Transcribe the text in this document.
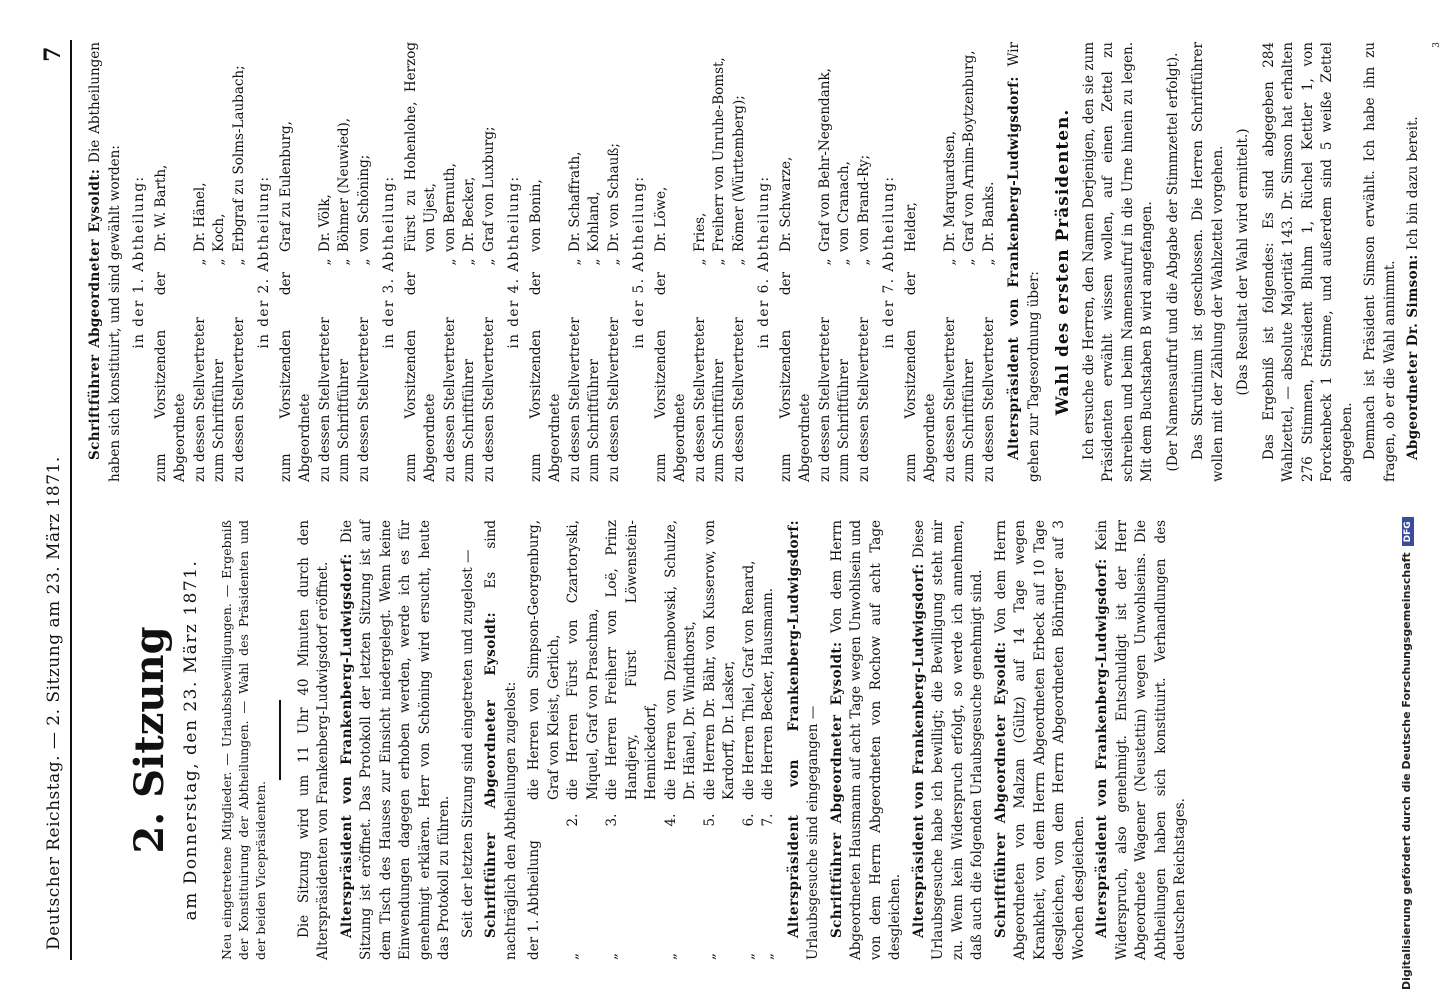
Deutscher Reichstag. — 2. Sitzung am 23. März 1871.
7
2. Sitzung am Donnerstag, den 23. März 1871. Neu eingetretene Mitglieder. — Urlaubsbewilligungen. — Ergebniß der Konstituirung der Abtheilungen. — Wahl des Präsidenten und der beiden Vicepräsidenten. Die Sitzung wird um 11 Uhr 40 Minuten durch den Alterspräsidenten von Frankenberg-Ludwigsdorf eröffnet. Alterspräsident von Frankenberg-Ludwigsdorf: Die Sitzung ist eröffnet. Das Protokoll der letzten Sitzung ist auf dem Tisch des Hauses zur Einsicht niedergelegt. Wenn keine Einwendungen dagegen erhoben werden, werde ich es für genehmigt erklären. Herr von Schöning wird ersucht, heute das Protokoll zu führen. Seit der letzten Sitzung sind eingetreten und zugelost — Schriftführer Abgeordneter Eysoldt: Es sind nachträglich den Abtheilungen zugelost: der 1. Abtheilung		die Herren von Simpson-Georgenburg, Graf von Kleist, Gerlich,
„	2.	die Herren Fürst von Czartoryski, Miquel, Graf von Praschma,
„	3.	die Herren Freiherr von Loë, Prinz Handjery, Fürst Löwenstein-Hennickedorf,
„	4.	die Herren von Dziembowski, Schulze, Dr. Hänel, Dr. Windthorst,
„	5.	die Herren Dr. Bähr, von Kusserow, von Kardorff, Dr. Lasker,
„	6.	die Herren Thiel, Graf von Renard,
„	7.	die Herren Becker, Hausmann. Alterspräsident von Frankenberg-Ludwigsdorf: Urlaubsgesuche sind eingegangen — Schriftführer Abgeordneter Eysoldt: Von dem Herrn Abgeordneten Hausmann auf acht Tage wegen Unwohlsein und von dem Herrn Abgeordneten von Rochow auf acht Tage desgleichen. Alterspräsident von Frankenberg-Ludwigsdorf: Diese Urlaubsgesuche habe ich bewilligt; die Bewilligung steht mir zu. Wenn kein Widerspruch erfolgt, so werde ich annehmen, daß auch die folgenden Urlaubsgesuche genehmigt sind. Schriftführer Abgeordneter Eysoldt: Von dem Herrn Abgeordneten von Malzan (Gültz) auf 14 Tage wegen Krankheit, von dem Herrn Abgeordneten Erbeck auf 10 Tage desgleichen, von dem Herrn Abgeordneten Böhringer auf 3 Wochen desgleichen. Alterspräsident von Frankenberg-Ludwigsdorf: Kein Widerspruch, also genehmigt. Entschuldigt ist der Herr Abgeordnete Wagener (Neustettin) wegen Unwohlseins. Die Abtheilungen haben sich konstituirt. Verhandlungen des deutschen Reichstages.

Schriftführer Abgeordneter Eysoldt: Die Abtheilungen haben sich konstituirt, und sind gewählt worden: in der 1. Abtheilung:
zum Vorsitzenden der Abgeordnete		Dr. W. Barth,
zu dessen Stellvertreter	„	Dr. Hänel,
zum Schriftführer	„	Koch,
zu dessen Stellvertreter	„	Erbgraf zu Solms-Laubach;
in der 2. Abtheilung:
zum Vorsitzenden der Abgeordnete		Graf zu Eulenburg,
zu dessen Stellvertreter	„	Dr. Völk,
zum Schriftführer	„	Böhmer (Neuwied),
zu dessen Stellvertreter	„	von Schöning; in der 3. Abtheilung:
zum Vorsitzenden der Abgeordnete		Fürst zu Hohenlohe, Herzog von Ujest,
zu dessen Stellvertreter	„	von Bernuth,
zum Schriftführer	„	Dr. Becker,
zu dessen Stellvertreter	„	Graf von Luxburg; in der 4. Abtheilung:
zum Vorsitzenden der Abgeordnete		von Bonin,
zu dessen Stellvertreter	„	Dr. Schaffrath,
zum Schriftführer	„	Kohland,
zu dessen Stellvertreter	„	Dr. von Schauß; in der 5. Abtheilung:
zum Vorsitzenden der Abgeordnete		Dr. Löwe,
zu dessen Stellvertreter	„	Fries,
zum Schriftführer	„	Freiherr von Unruhe-Bomst,
zu dessen Stellvertreter	„	Römer (Württemberg);
in der 6. Abtheilung:
zum Vorsitzenden der Abgeordnete		Dr. Schwarze,
zu dessen Stellvertreter	„	Graf von Behr-Negendank,
zum Schriftführer	„	von Cranach,
zu dessen Stellvertreter	„	von Brand-Ry; in der 7. Abtheilung:
zum Vorsitzenden der Abgeordnete		Helder,
zu dessen Stellvertreter	„	Dr. Marquardsen,
zum Schriftführer	„	Graf von Arnim-Boytzenburg,
zu dessen Stellvertreter	„	Dr. Banks. Alterspräsident von Frankenberg-Ludwigsdorf: Wir gehen zur Tagesordnung über: Wahl des ersten Präsidenten. Ich ersuche die Herren, den Namen Derjenigen, den sie zum Präsidenten erwählt wissen wollen, auf einen Zettel zu schreiben und beim Namensaufruf in die Urne hinein zu legen. Mit dem Buchstaben B wird angefangen. (Der Namensaufruf und die Abgabe der Stimmzettel erfolgt). Das Skrutinium ist geschlossen. Die Herren Schriftführer wollen mit der Zählung der Wahlzettel vorgehen. (Das Resultat der Wahl wird ermittelt.) Das Ergebniß ist folgendes: Es sind abgegeben 284 Wahlzettel, — absolute Majorität 143. Dr. Simson hat erhalten 276 Stimmen, Präsident Bluhm 1, Rüchel Kettler 1, von Forckenbeck 1 Stimme, und außerdem sind 5 weiße Zettel abgegeben. Demnach ist Präsident Simson erwählt. Ich habe ihn zu fragen, ob er die Wahl annimmt. Abgeordneter Dr. Simson: Ich bin dazu bereit.

3
Digitalisierung gefördert durch die Deutsche ForschungsgemeinschaftDFG
